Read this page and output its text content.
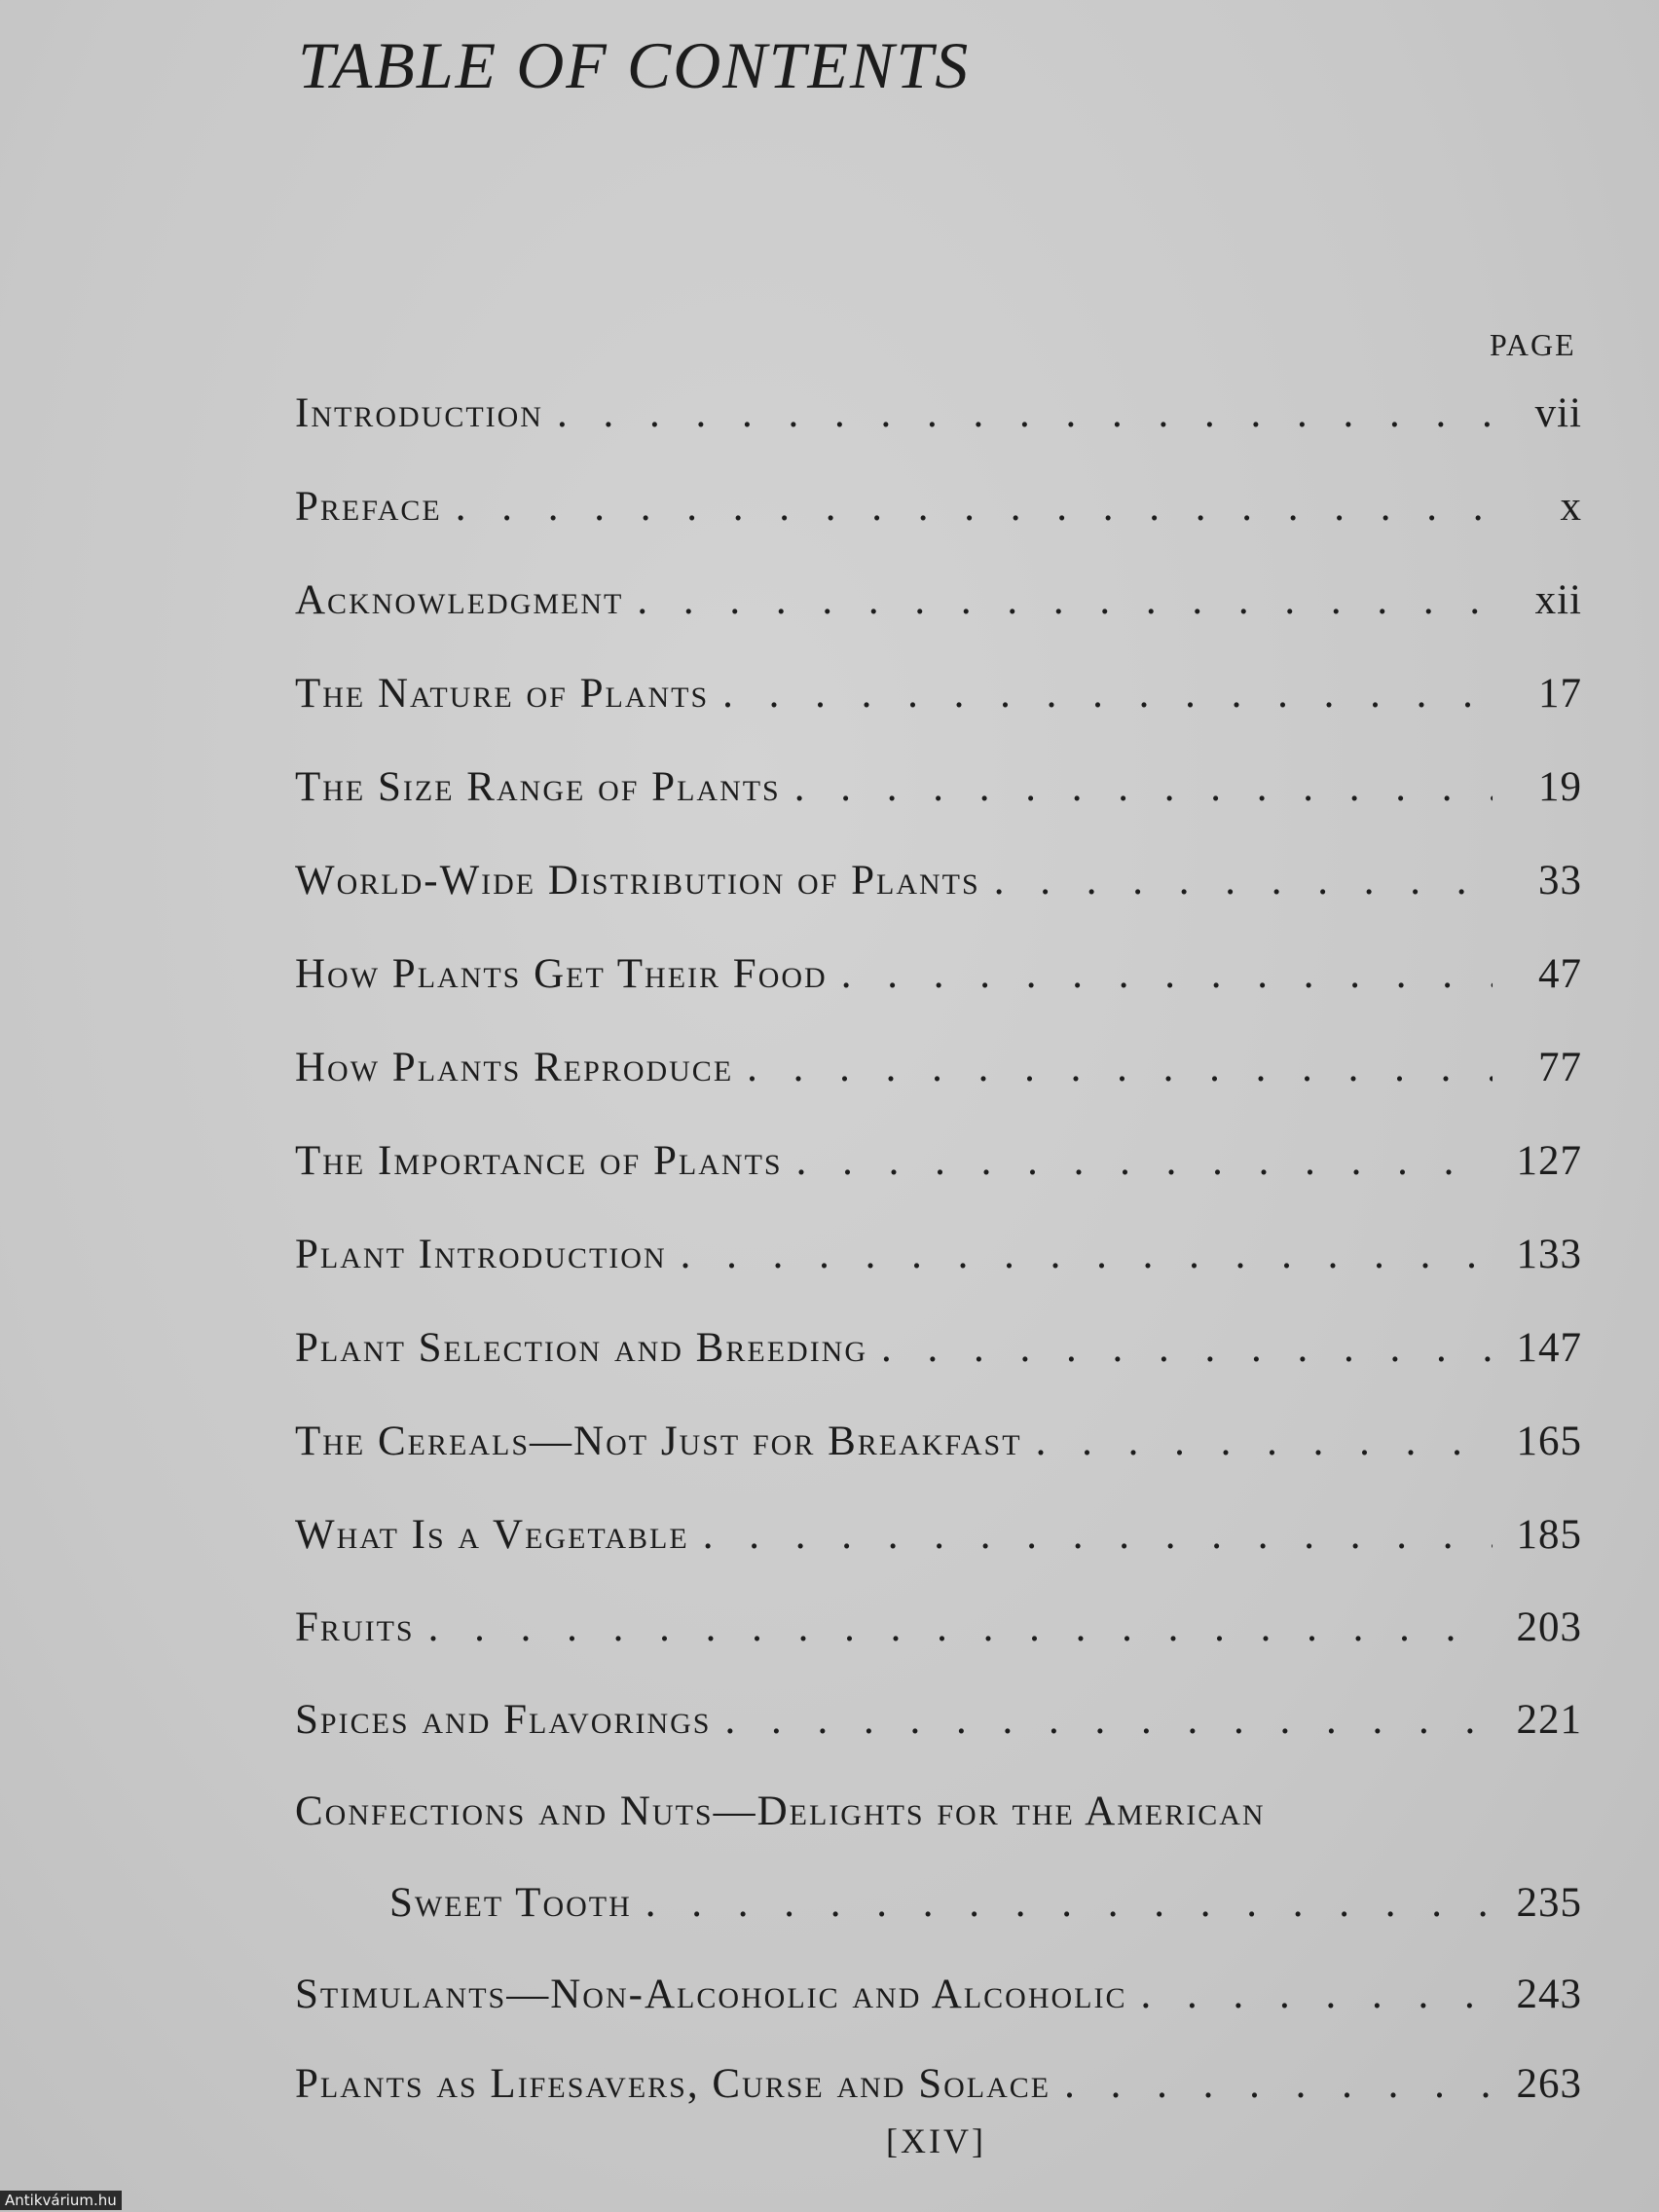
TABLE OF CONTENTS
PAGE
Introduction . . .	vii
Preface . . .	x
Acknowledgment . . .	xii
The Nature of Plants . . .	17
The Size Range of Plants . . .	19
World-Wide Distribution of Plants . . .	33
How Plants Get Their Food . . .	47
How Plants Reproduce . . .	77
The Importance of Plants . . .	127
Plant Introduction . . .	133
Plant Selection and Breeding . . .	147
The Cereals—Not Just for Breakfast . . .	165
What Is a Vegetable . . .	185
Fruits . . .	203
Spices and Flavorings . . .	221
Confections and Nuts—Delights for the American
Sweet Tooth . . .	235
Stimulants—Non-Alcoholic and Alcoholic . . .	243
Plants as Lifesavers, Curse and Solace . . .	263
[XIV]
Antikvárium.hu
